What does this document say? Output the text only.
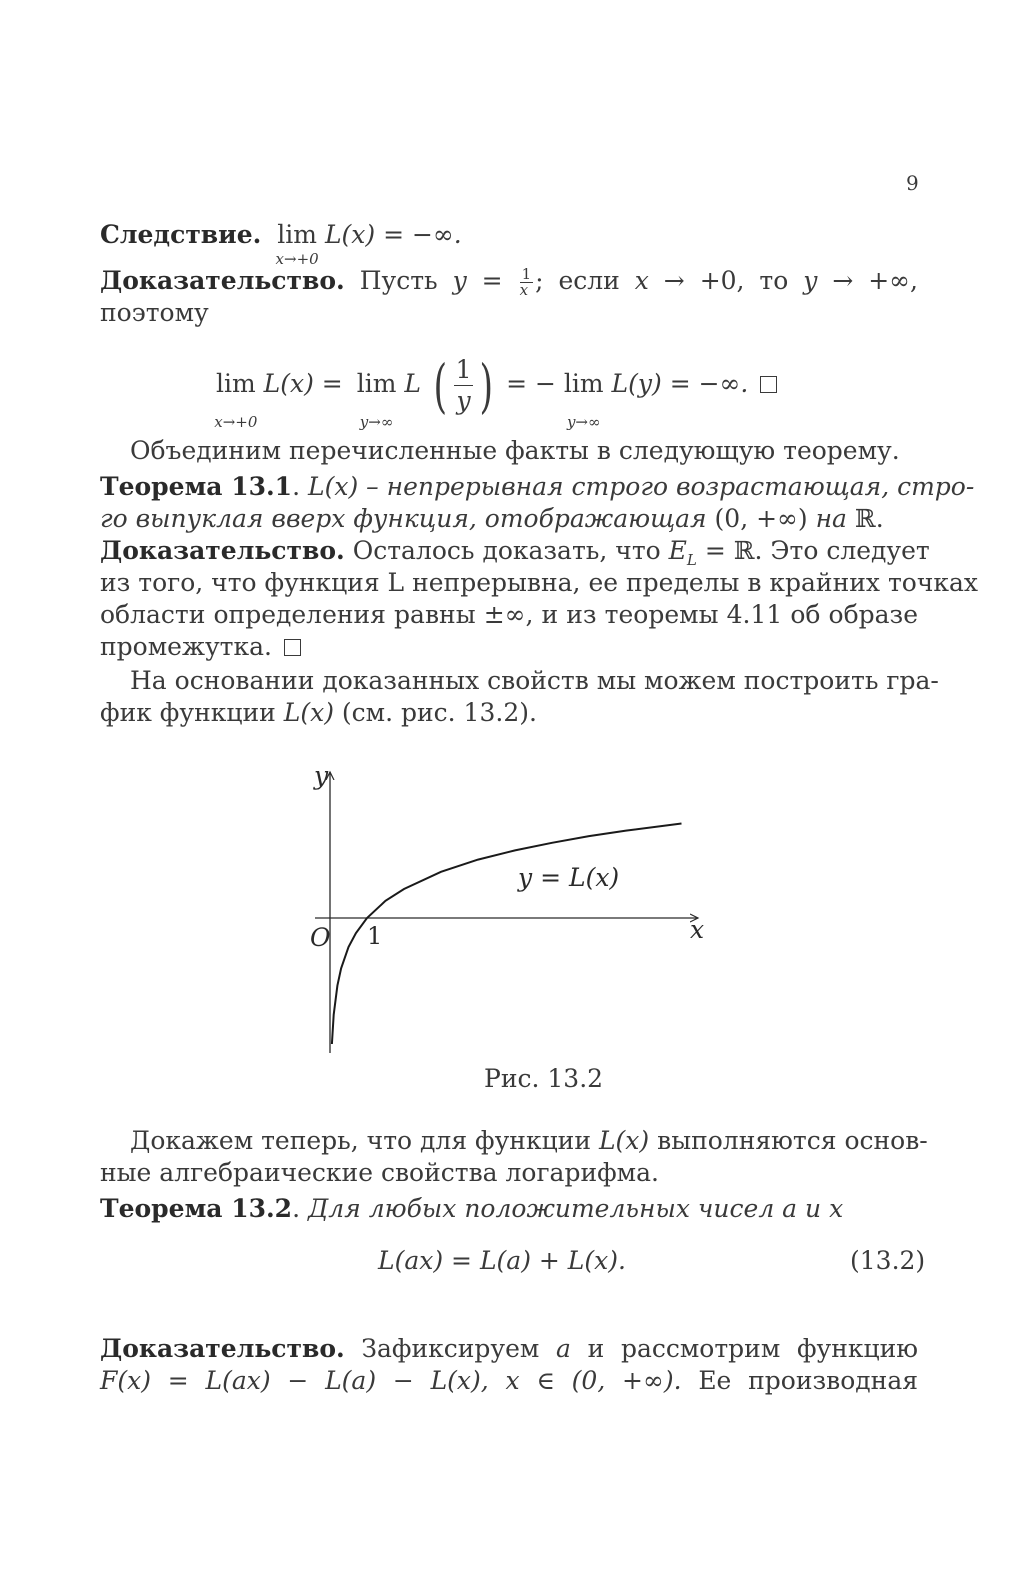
9
Следствие. lim
x→+0
L(x) = −∞.
Доказательство. Пусть $y = \frac{1}{x}$ ; если x → +0, то y → +∞,
поэтому
lim
x→+0
L(x) = lim
y→∞
L ( $\frac{1}{y}$ ) = − lim
y→∞
L(y) = −∞.
Объединим перечисленные факты в следующую теорему.
Теорема 13.1. L(x) – непрерывная строго возрастающая, стро-
го выпуклая вверх функция, отображающая (0, +∞) на ℝ.
Доказательство. Осталось доказать, что $E_L$ = ℝ. Это следует
из того, что функция L непрерывна, ее пределы в крайних точках
области определения равны ±∞, и из теоремы 4.11 об образе
промежутка.
На основании доказанных свойств мы можем построить гра-
фик функции L(x) (см. рис. 13.2).
y
x
O 1
y = L(x)
Рис. 13.2
Докажем теперь, что для функции L(x) выполняются основ-
ные алгебраические свойства логарифма.
Теорема 13.2. Для любых положительных чисел a и x
L(ax) = L(a) + L(x).	(13.2)
Доказательство. Зафиксируем a и рассмотрим функцию
F(x) = L(ax) − L(a) − L(x), x ∈ (0, +∞). Ее производная
